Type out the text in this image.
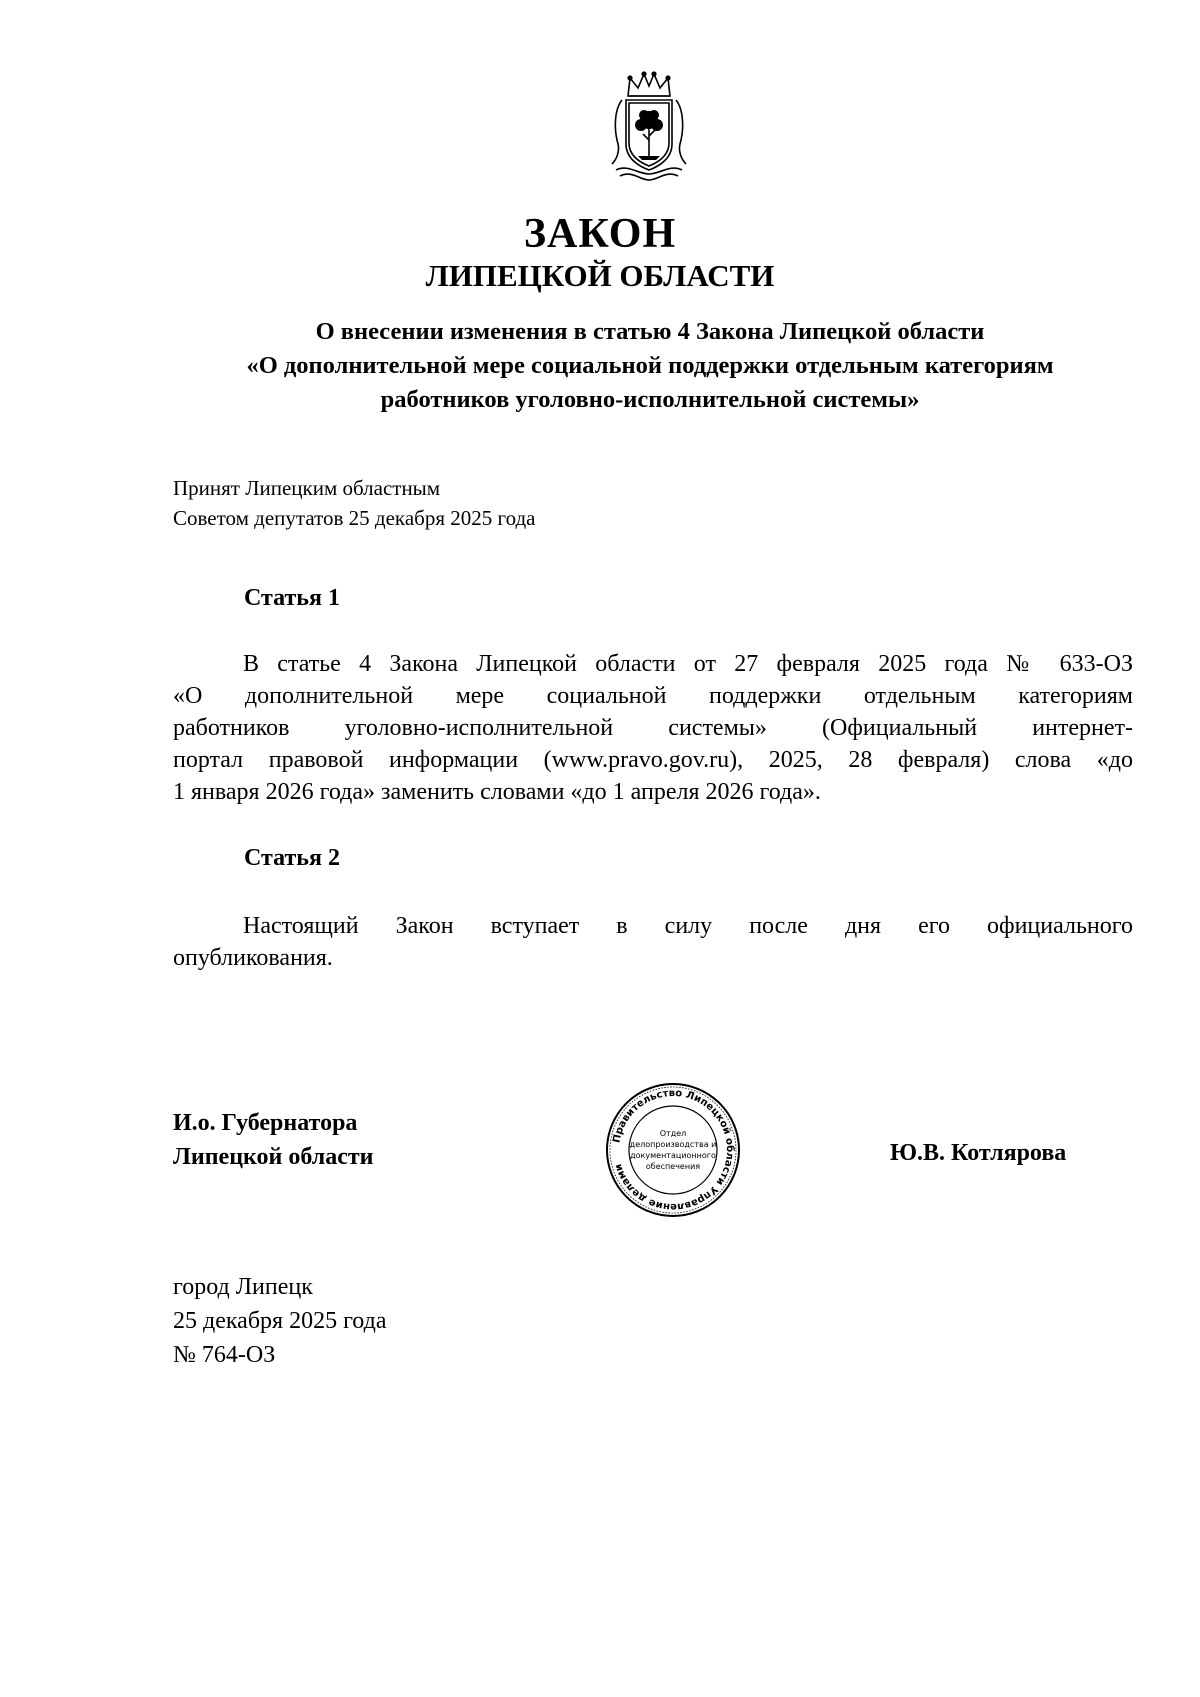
ЗАКОН
ЛИПЕЦКОЙ ОБЛАСТИ
О внесении изменения в статью 4 Закона Липецкой области
«О дополнительной мере социальной поддержки отдельным категориям
работников уголовно-исполнительной системы»
Принят Липецким областным
Советом депутатов 25 декабря 2025 года
Статья 1
В статье 4 Закона Липецкой области от 27 февраля 2025 года № 633-ОЗ
«О дополнительной мере социальной поддержки отдельным категориям
работников уголовно-исполнительной системы» (Официальный интернет-
портал правовой информации (www.pravo.gov.ru), 2025, 28 февраля) слова «до
1 января 2026 года» заменить словами «до 1 апреля 2026 года».
Статья 2
Настоящий Закон вступает в силу после дня его официального
опубликования.
И.о. Губернатора
Липецкой области
Правительство Липецкой области Управление делами
Отдел
делопроизводства и
документационного
обеспечения
Ю.В. Котлярова
город Липецк
25 декабря 2025 года
№ 764-ОЗ
